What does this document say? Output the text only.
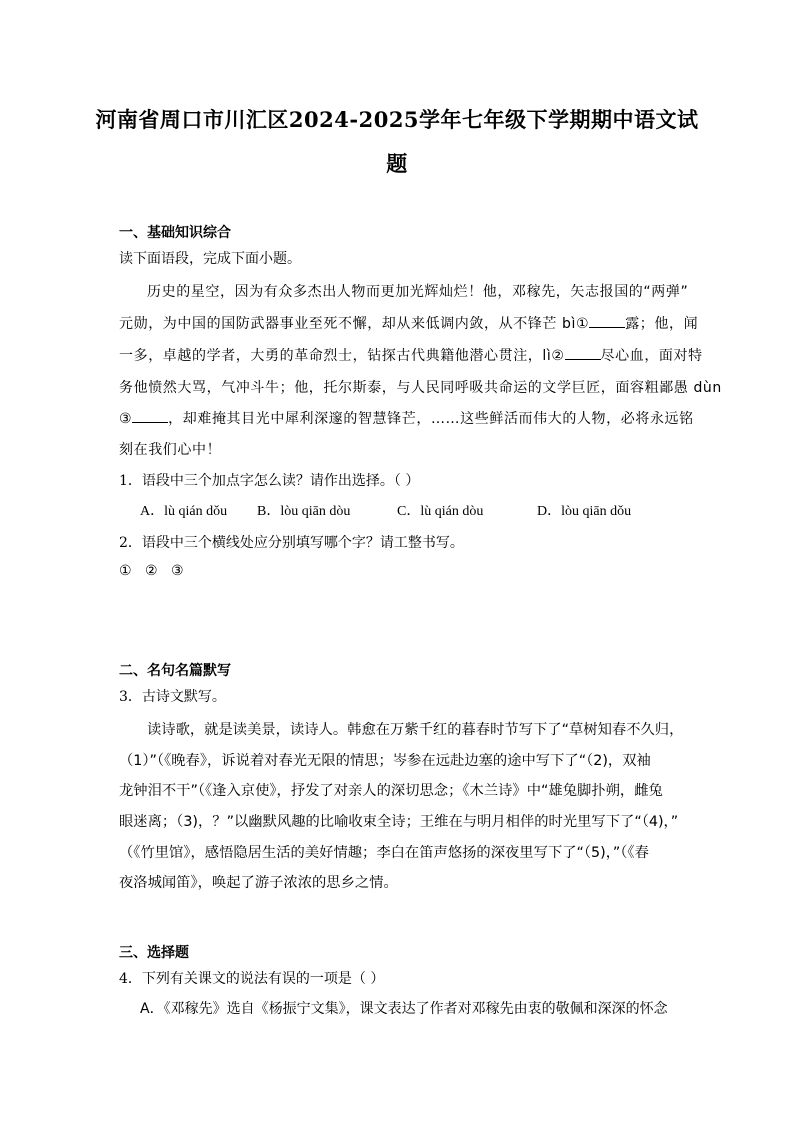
河南省周口市川汇区2024-2025学年七年级下学期期中语文试
题
一、基础知识综合
读下面语段，完成下面小题。
历史的星空，因为有众多杰出人物而更加光辉灿烂！他，邓稼先，矢志报国的“两弹”
元勋，为中国的国防武器事业至死不懈，却从来低调内敛，从不锋芒 bì①	露；他，闻
一多，卓越的学者，大勇的革命烈士，钻探古代典籍他潜心贯注，lì②	尽心血，面对特
务他愤然大骂，气冲斗牛；他，托尔斯泰，与人民同呼吸共命运的文学巨匠，面容粗鄙愚 dùn
③	，却难掩其目光中犀利深邃的智慧锋芒，……这些鲜活而伟大的人物，必将永远铭
刻在我们心中！
1．语段中三个加点字怎么读？请作出选择。（ ）
A．lù qián dǒu B．lòu qiān dòu	C．lù qián dòu	D．lòu qiān dǒu
2．语段中三个横线处应分别填写哪个字？请工整书写。
① ② ③
二、名句名篇默写
3．古诗文默写。
读诗歌，就是读美景，读诗人。韩愈在万紫千红的暮春时节写下了“草树知春不久归，
（1）”（《晚春》，诉说着对春光无限的情思；岑参在远赴边塞的途中写下了“（2)，双袖
龙钟泪不干”（《逢入京使》，抒发了对亲人的深切思念；《木兰诗》中“雄兔脚扑朔，雌兔
眼迷离；（3)，？”以幽默风趣的比喻收束全诗；王维在与明月相伴的时光里写下了“（4)，”
（《竹里馆》，感悟隐居生活的美好情趣；李白在笛声悠扬的深夜里写下了“（5)，”（《春
夜洛城闻笛》，唤起了游子浓浓的思乡之情。
三、选择题
4．下列有关课文的说法有误的一项是（ ）
A．《邓稼先》选自《杨振宁文集》，课文表达了作者对邓稼先由衷的敬佩和深深的怀念
